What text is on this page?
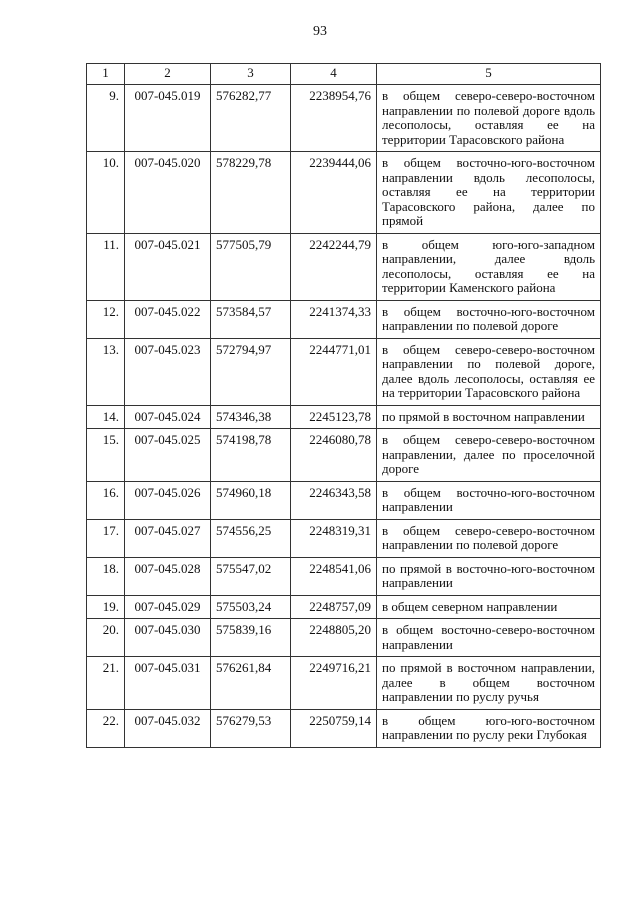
93
1	2	3	4	5
9.	007-045.019	576282,77	2238954,76	в общем северо-северо-восточном направлении по полевой дороге вдоль лесополосы, оставляя ее на территории Тарасовского района
10.	007-045.020	578229,78	2239444,06	в общем восточно-юго-восточном направлении вдоль лесополосы, оставляя ее на территории Тарасовского района, далее по прямой
11.	007-045.021	577505,79	2242244,79	в общем юго-юго-западном направлении, далее вдоль лесополосы, оставляя ее на территории Каменского района
12.	007-045.022	573584,57	2241374,33	в общем восточно-юго-восточном направлении по полевой дороге
13.	007-045.023	572794,97	2244771,01	в общем северо-северо-восточном направлении по полевой дороге, далее вдоль лесополосы, оставляя ее на территории Тарасовского района
14.	007-045.024	574346,38	2245123,78	по прямой в восточном направлении
15.	007-045.025	574198,78	2246080,78	в общем северо-северо-восточном направлении, далее по проселочной дороге
16.	007-045.026	574960,18	2246343,58	в общем восточно-юго-восточном направлении
17.	007-045.027	574556,25	2248319,31	в общем северо-северо-восточном направлении по полевой дороге
18.	007-045.028	575547,02	2248541,06	по прямой в восточно-юго-восточном направлении
19.	007-045.029	575503,24	2248757,09	в общем северном направлении
20.	007-045.030	575839,16	2248805,20	в общем восточно-северо-восточном направлении
21.	007-045.031	576261,84	2249716,21	по прямой в восточном направлении, далее в общем восточном направлении по руслу ручья
22.	007-045.032	576279,53	2250759,14	в общем юго-юго-восточном направлении по руслу реки Глубокая
